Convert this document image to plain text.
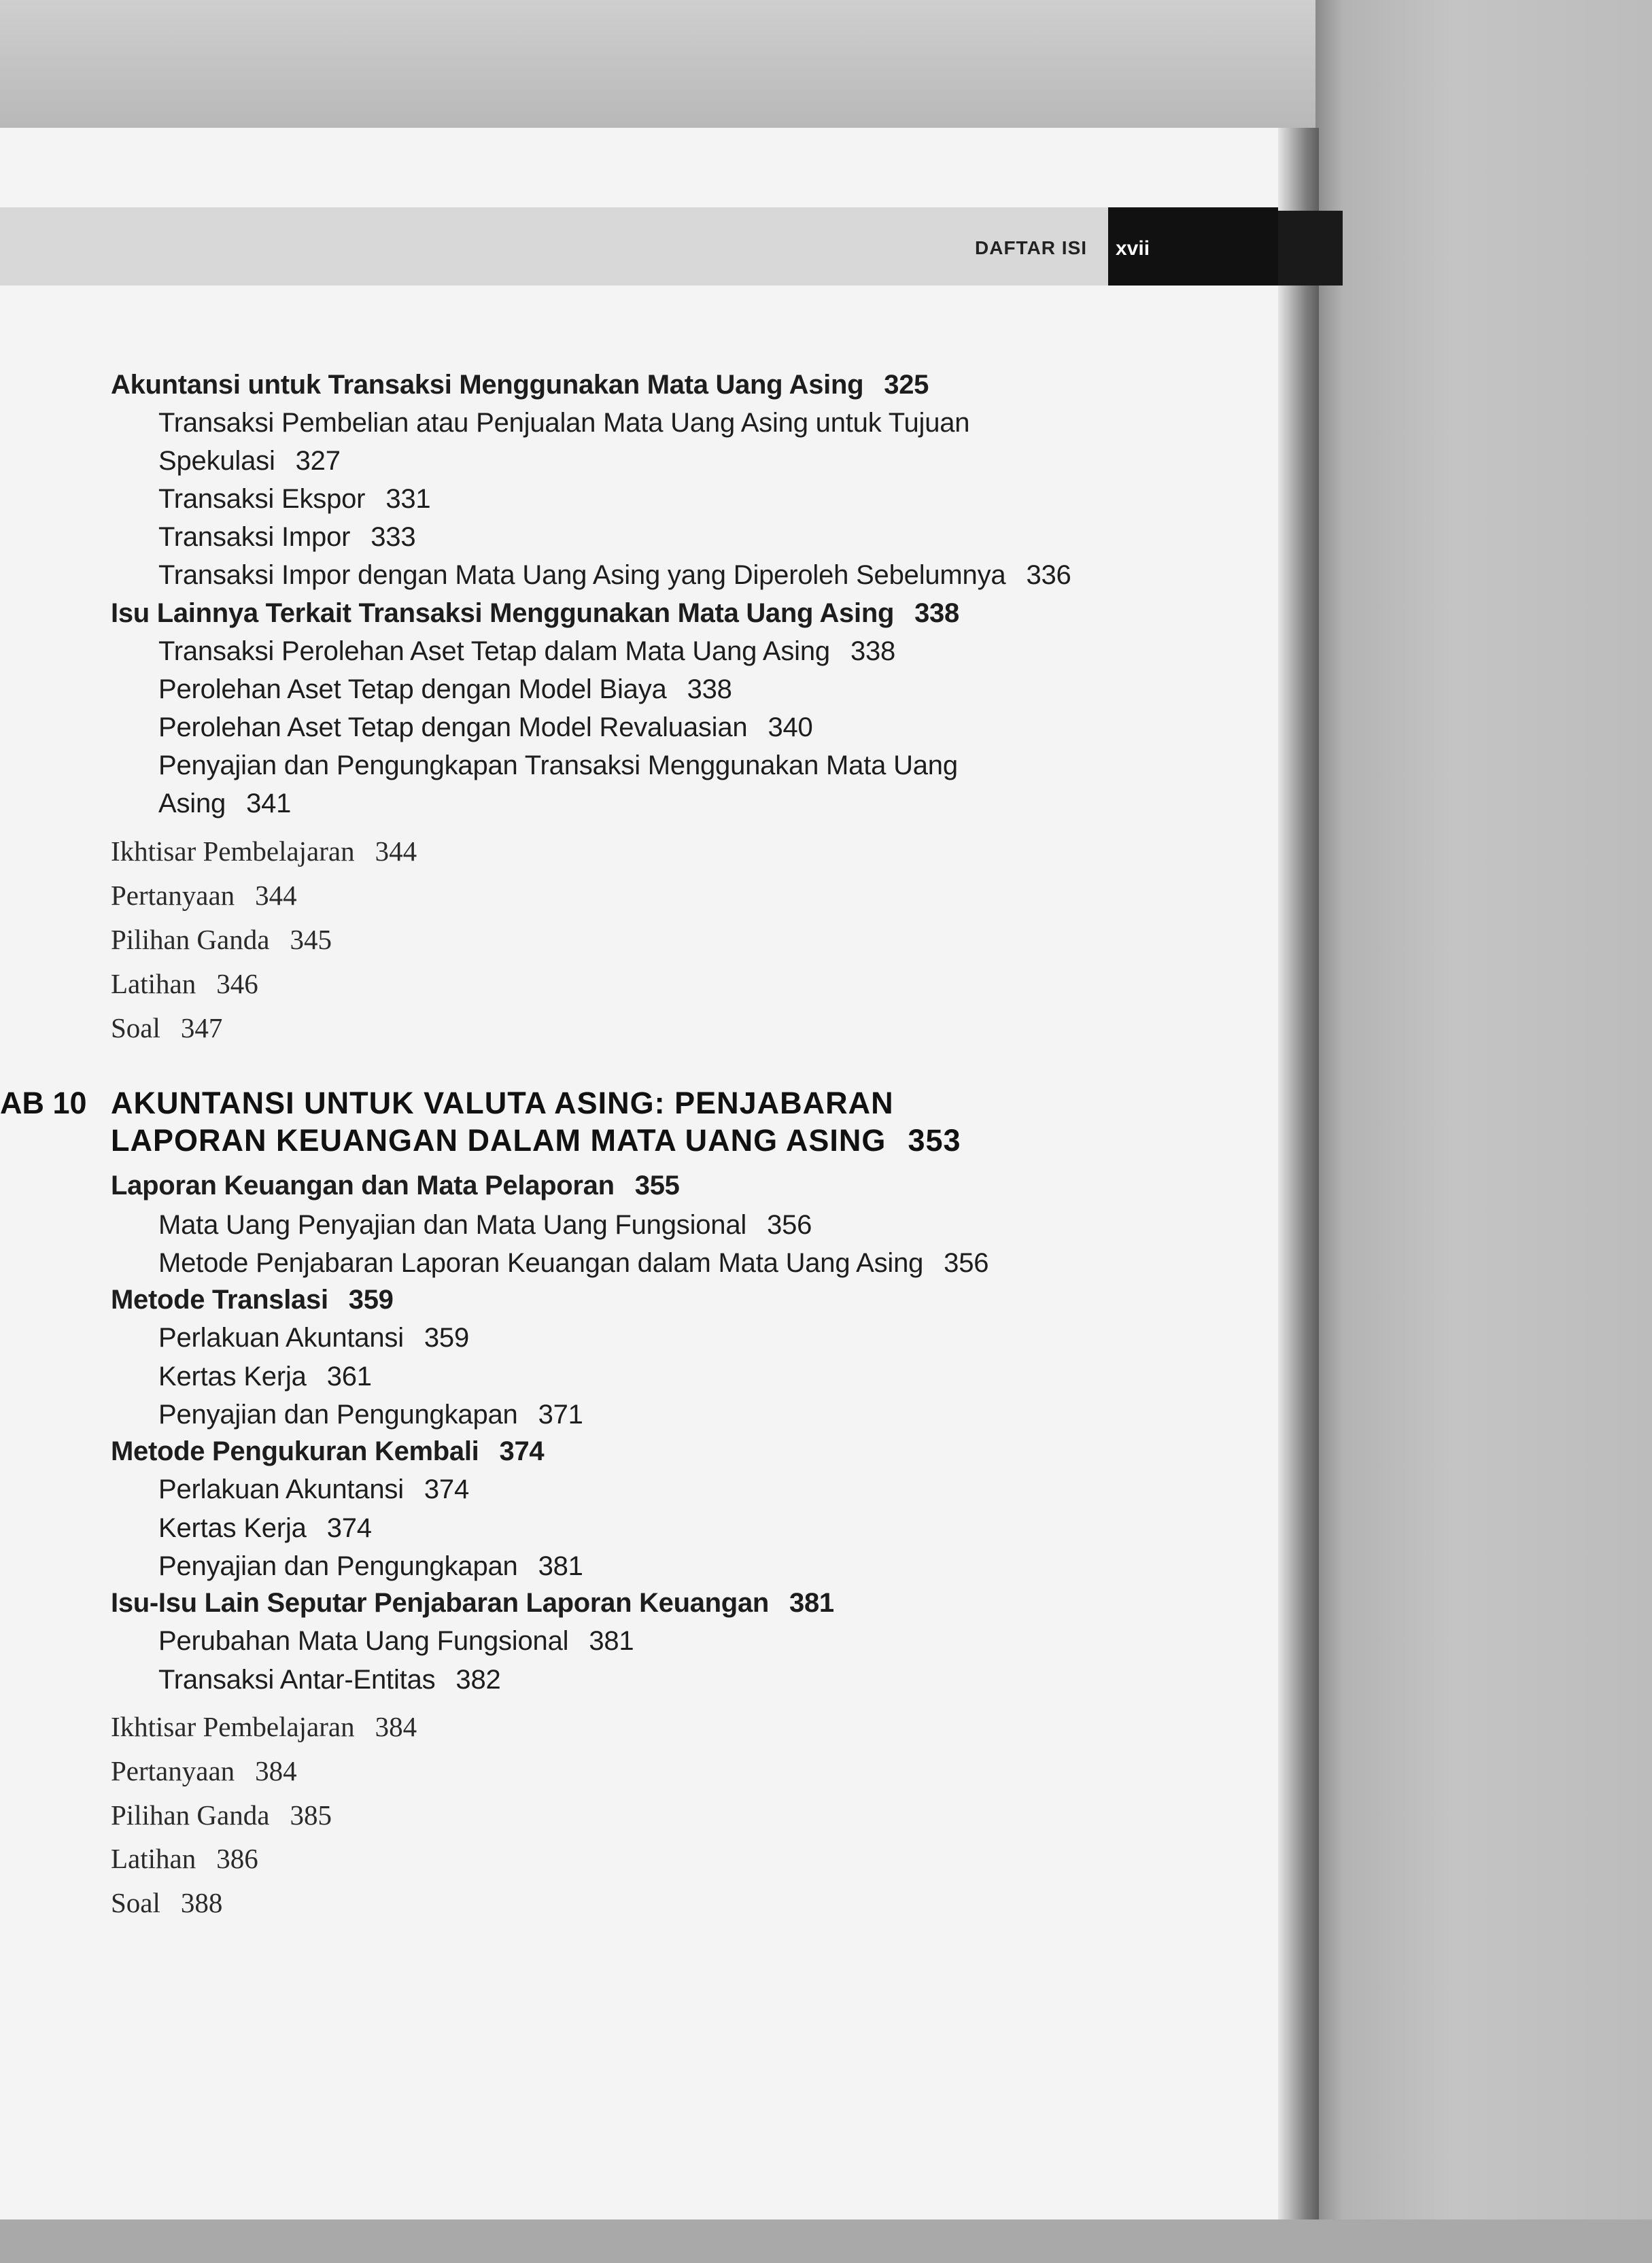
DAFTAR ISI	xvii
Akuntansi untuk Transaksi Menggunakan Mata Uang Asing 325
Transaksi Pembelian atau Penjualan Mata Uang Asing untuk Tujuan
Spekulasi 327
Transaksi Ekspor 331
Transaksi Impor 333
Transaksi Impor dengan Mata Uang Asing yang Diperoleh Sebelumnya 336
Isu Lainnya Terkait Transaksi Menggunakan Mata Uang Asing 338
Transaksi Perolehan Aset Tetap dalam Mata Uang Asing 338
Perolehan Aset Tetap dengan Model Biaya 338
Perolehan Aset Tetap dengan Model Revaluasian 340
Penyajian dan Pengungkapan Transaksi Menggunakan Mata Uang
Asing 341
Ikhtisar Pembelajaran 344
Pertanyaan 344
Pilihan Ganda 345
Latihan 346
Soal 347
AB 10 AKUNTANSI UNTUK VALUTA ASING: PENJABARAN
LAPORAN KEUANGAN DALAM MATA UANG ASING 353
Laporan Keuangan dan Mata Pelaporan 355
Mata Uang Penyajian dan Mata Uang Fungsional 356
Metode Penjabaran Laporan Keuangan dalam Mata Uang Asing 356
Metode Translasi 359
Perlakuan Akuntansi 359
Kertas Kerja 361
Penyajian dan Pengungkapan 371
Metode Pengukuran Kembali 374
Perlakuan Akuntansi 374
Kertas Kerja 374
Penyajian dan Pengungkapan 381
Isu-Isu Lain Seputar Penjabaran Laporan Keuangan 381
Perubahan Mata Uang Fungsional 381
Transaksi Antar-Entitas 382
Ikhtisar Pembelajaran 384
Pertanyaan 384
Pilihan Ganda 385
Latihan 386
Soal 388
